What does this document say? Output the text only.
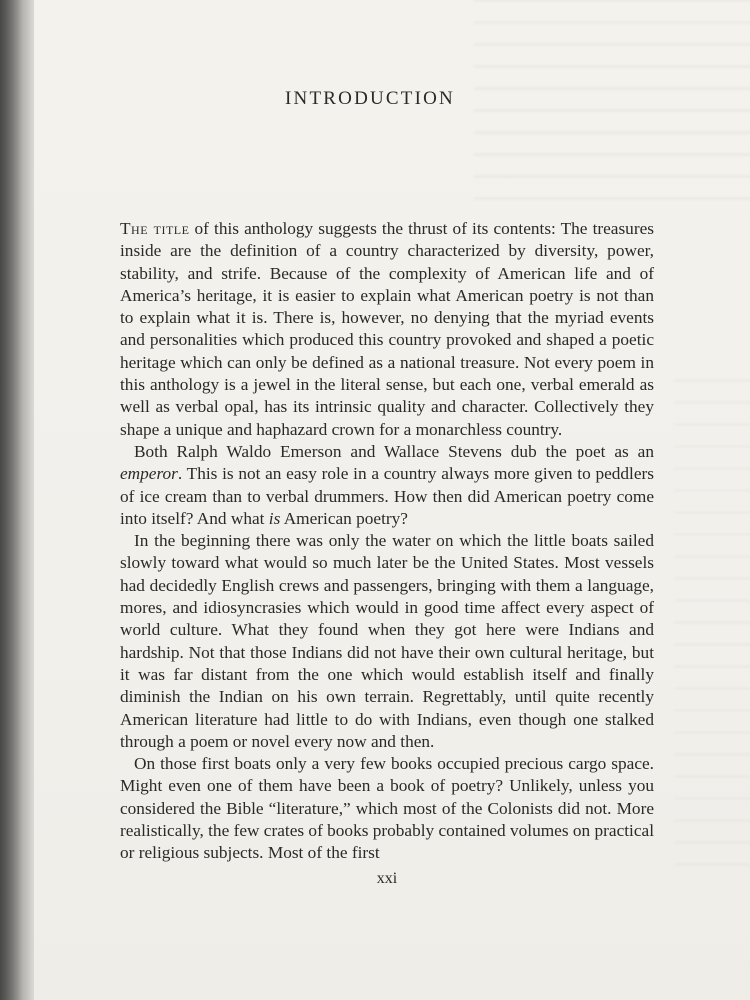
INTRODUCTION

The title of this anthology suggests the thrust of its contents: The treasures inside are the definition of a country characterized by diversity, power, stability, and strife. Because of the complexity of American life and of America’s heritage, it is easier to explain what American poetry is not than to explain what it is. There is, however, no denying that the myriad events and personalities which produced this country provoked and shaped a poetic heritage which can only be defined as a national treasure. Not every poem in this anthology is a jewel in the literal sense, but each one, verbal emerald as well as verbal opal, has its intrinsic quality and character. Collectively they shape a unique and haphazard crown for a monarchless country.

Both Ralph Waldo Emerson and Wallace Stevens dub the poet as an emperor. This is not an easy role in a country always more given to peddlers of ice cream than to verbal drummers. How then did American poetry come into itself? And what is American poetry?

In the beginning there was only the water on which the little boats sailed slowly toward what would so much later be the United States. Most vessels had decidedly English crews and passengers, bringing with them a language, mores, and idiosyncrasies which would in good time affect every aspect of world culture. What they found when they got here were Indians and hardship. Not that those Indians did not have their own cultural heritage, but it was far distant from the one which would establish itself and finally diminish the Indian on his own terrain. Regrettably, until quite recently American literature had little to do with Indians, even though one stalked through a poem or novel every now and then.

On those first boats only a very few books occupied precious cargo space. Might even one of them have been a book of poetry? Unlikely, unless you considered the Bible “literature,” which most of the Colonists did not. More realistically, the few crates of books probably contained volumes on practical or religious subjects. Most of the first

xxi
